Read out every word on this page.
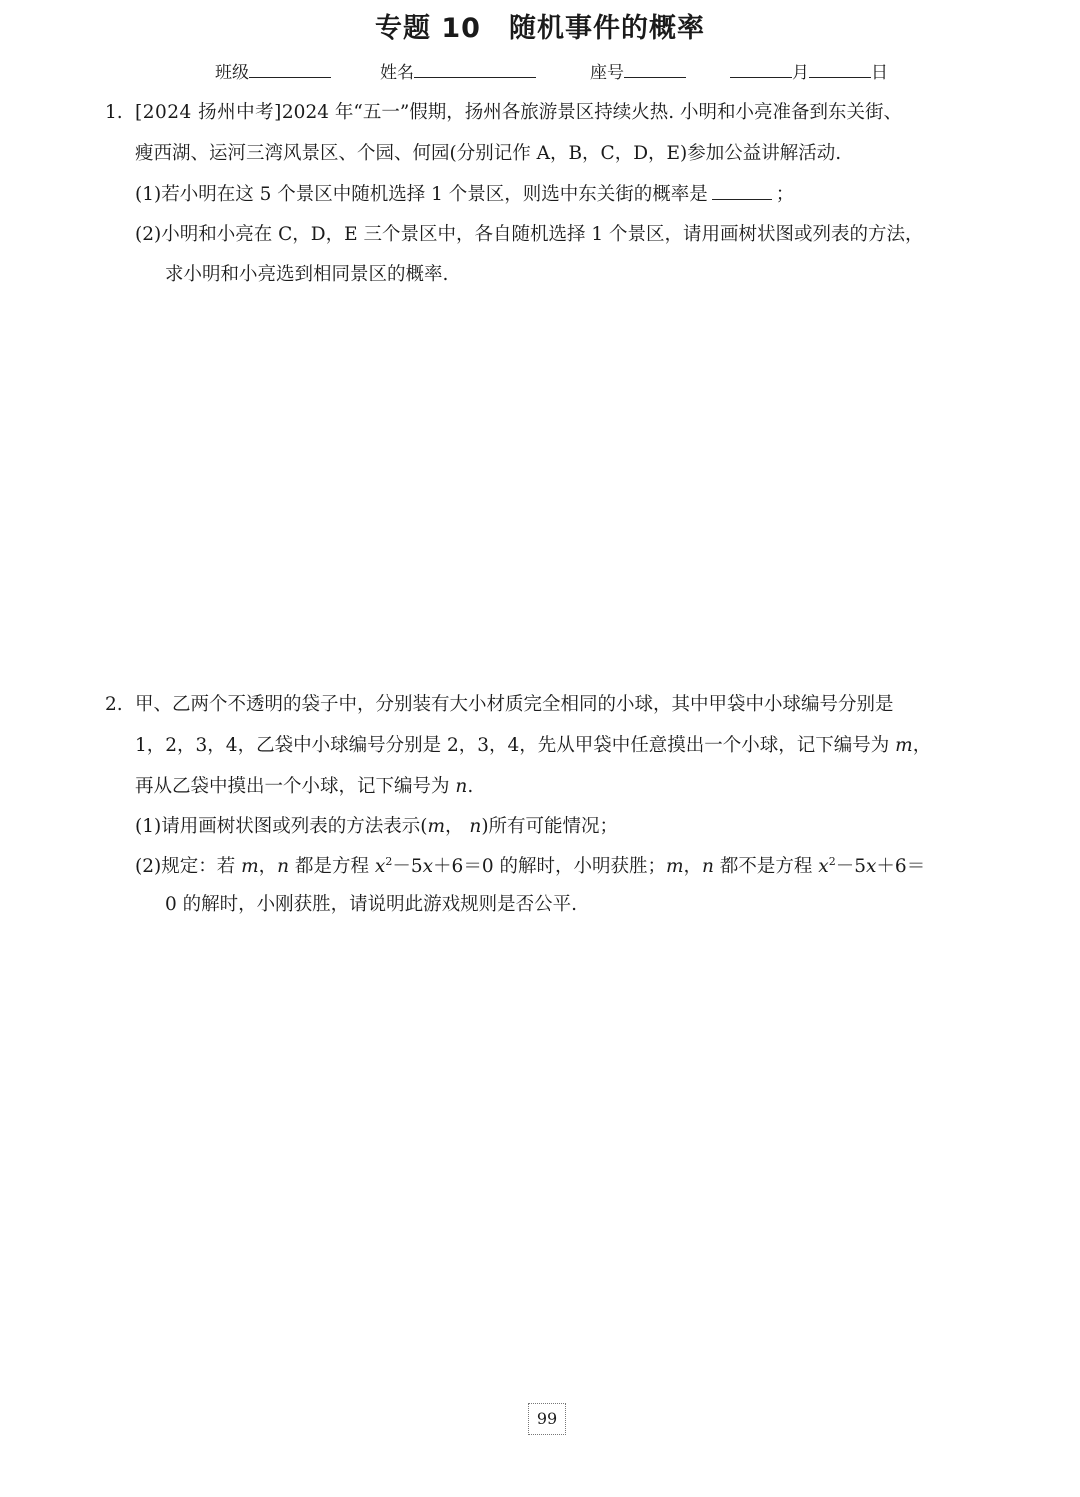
专题 10 随机事件的概率
班级	姓名	座号	月	日
1. [2024 扬州中考]2024 年“五一”假期，扬州各旅游景区持续火热. 小明和小亮准备到东关街、
瘦西湖、运河三湾风景区、个园、何园(分别记作 A，B，C，D，E)参加公益讲解活动.
(1)若小明在这 5 个景区中随机选择 1 个景区，则选中东关街的概率是	；
(2)小明和小亮在 C，D，E 三个景区中，各自随机选择 1 个景区，请用画树状图或列表的方法，
求小明和小亮选到相同景区的概率.
2. 甲、乙两个不透明的袋子中，分别装有大小材质完全相同的小球，其中甲袋中小球编号分别是
1，2，3，4，乙袋中小球编号分别是 2，3，4，先从甲袋中任意摸出一个小球，记下编号为 m，
再从乙袋中摸出一个小球，记下编号为 n.
(1)请用画树状图或列表的方法表示(m， n)所有可能情况；
(2)规定：若 m，n 都是方程 $x^2-5x+6=0$ 的解时，小明获胜；m，n 都不是方程 $x^2-5x+6=$
0 的解时，小刚获胜，请说明此游戏规则是否公平.
99
